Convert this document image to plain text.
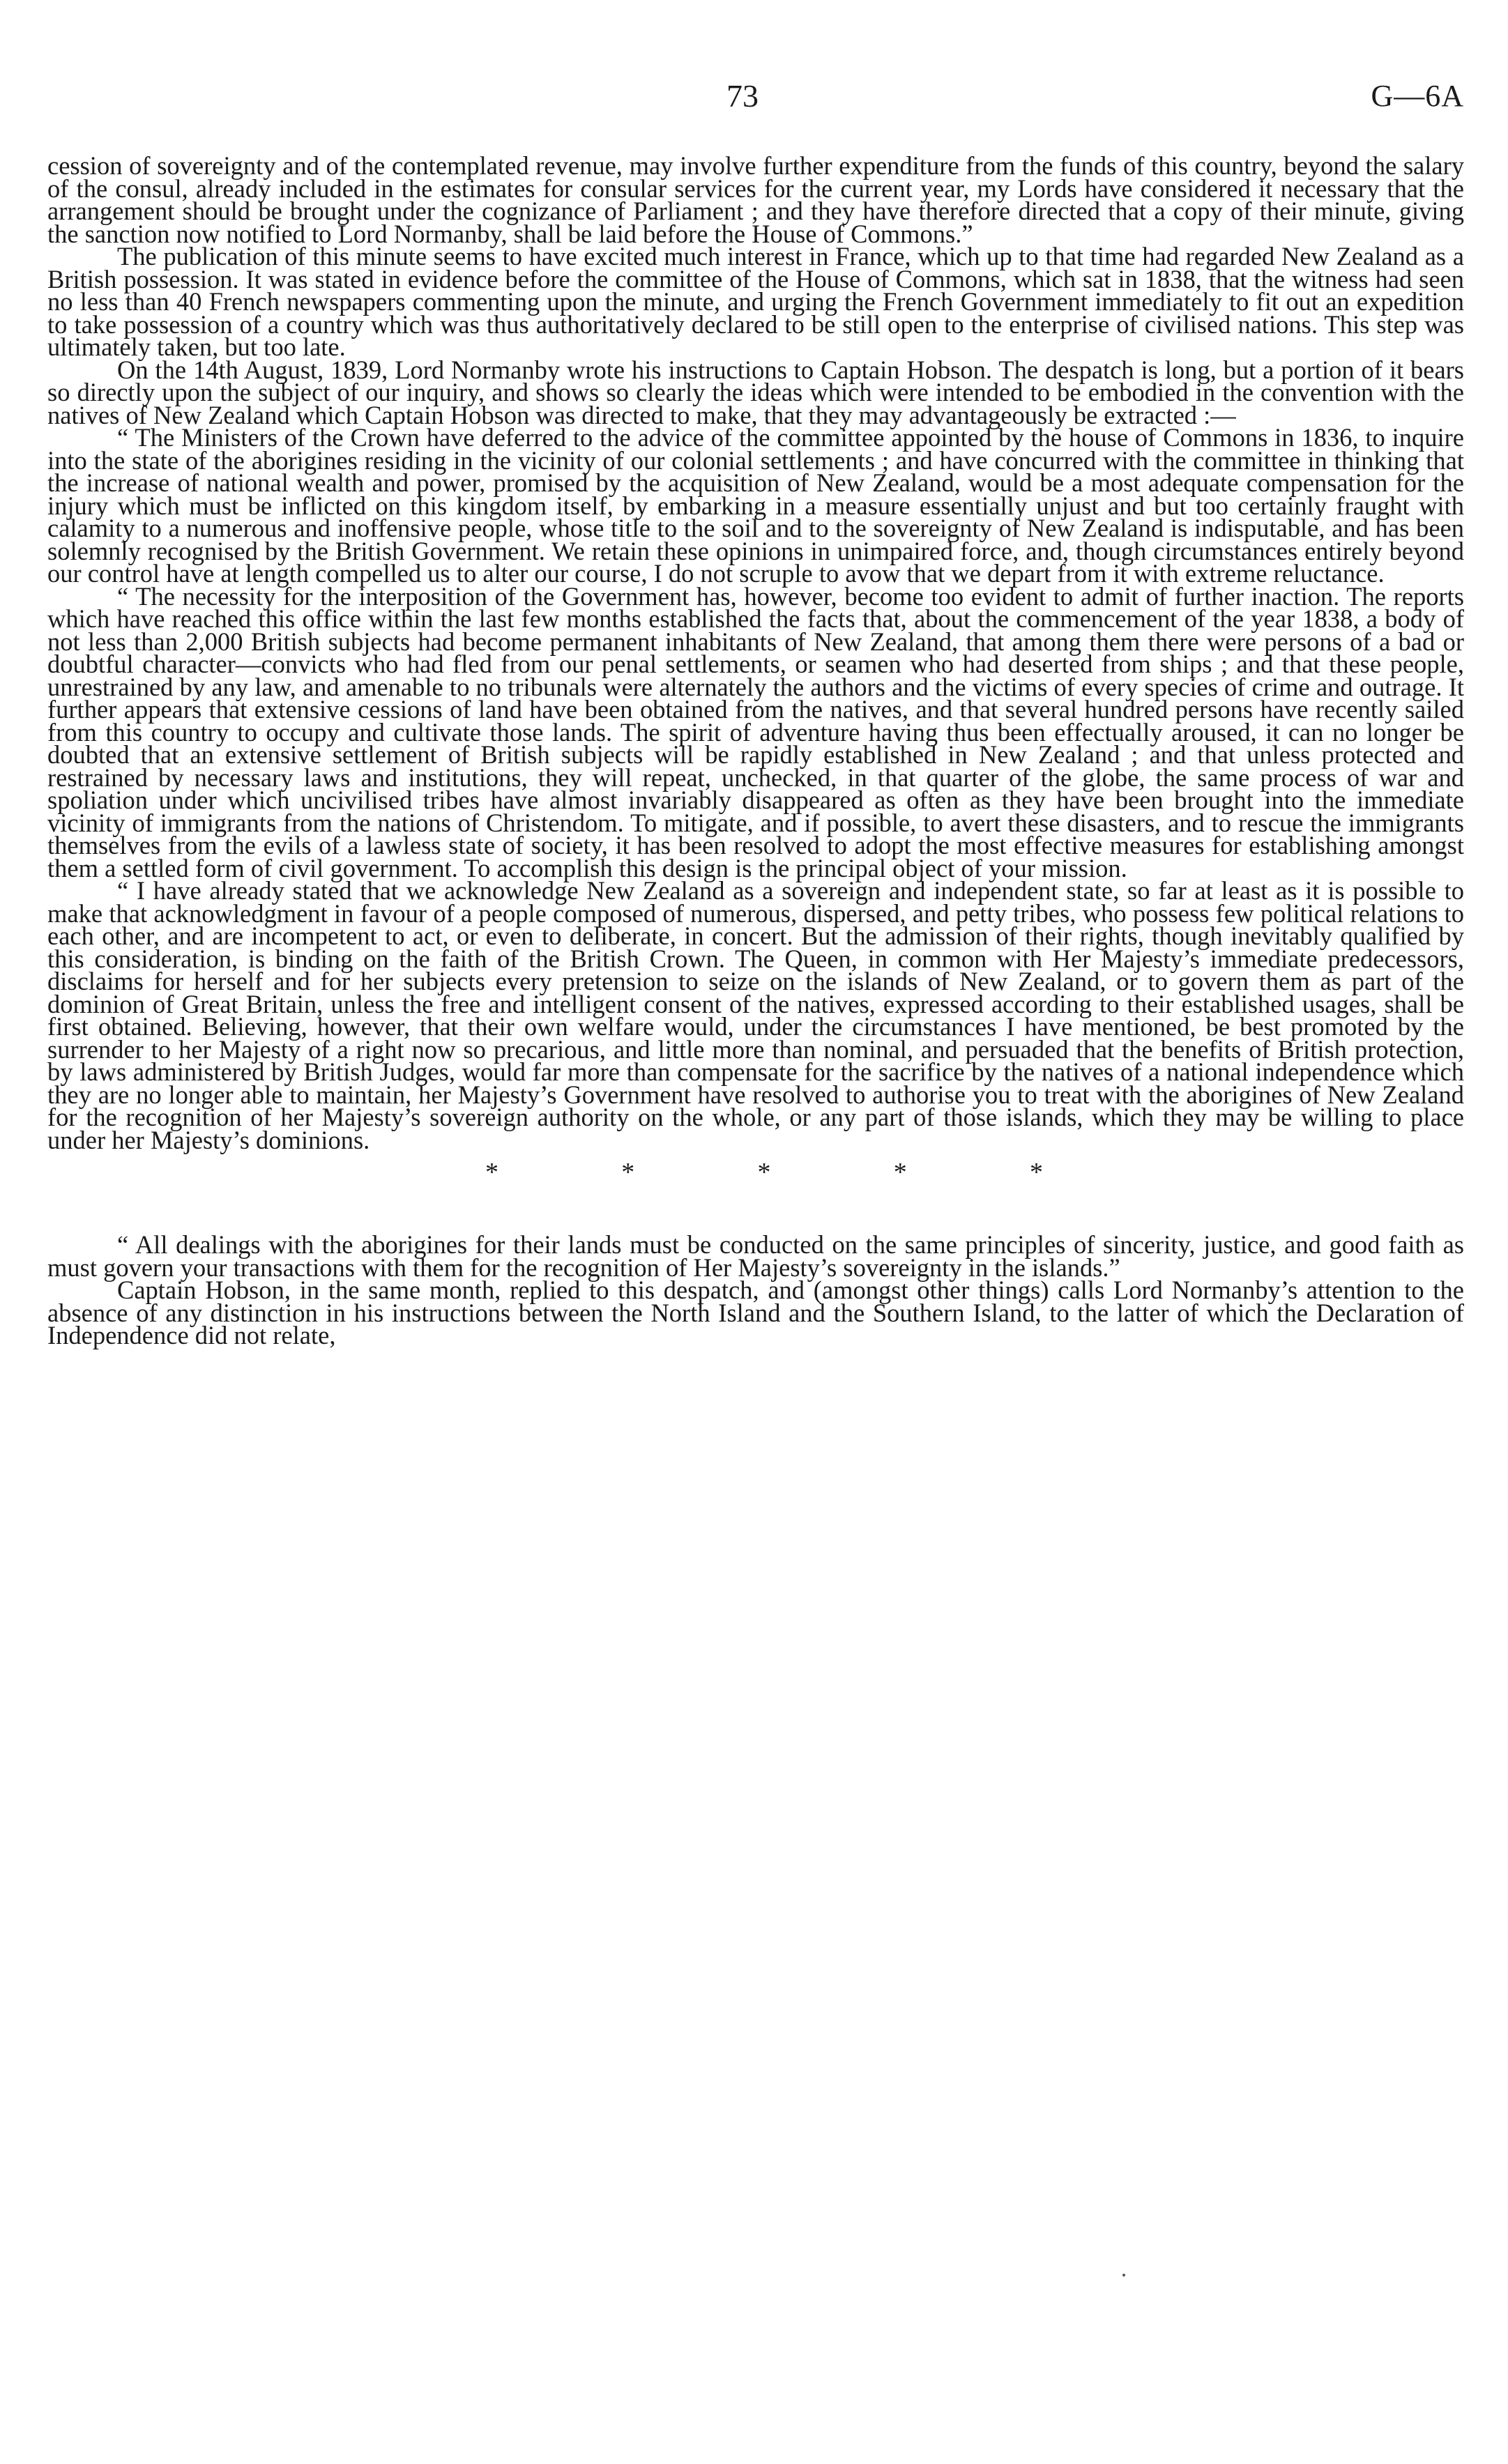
73	G—6A

cession of sovereignty and of the contemplated revenue, may involve further expenditure from the funds of this country, beyond the salary of the consul, already included in the estimates for consular services for the current year, my Lords have considered it necessary that the arrangement should be brought under the cognizance of Parliament ; and they have therefore directed that a copy of their minute, giving the sanction now notified to Lord Normanby, shall be laid before the House of Commons.”

The publication of this minute seems to have excited much interest in France, which up to that time had regarded New Zealand as a British possession. It was stated in evidence before the committee of the House of Commons, which sat in 1838, that the witness had seen no less than 40 French newspapers commenting upon the minute, and urging the French Government immediately to fit out an expedition to take possession of a country which was thus authoritatively declared to be still open to the enterprise of civilised nations. This step was ultimately taken, but too late.

On the 14th August, 1839, Lord Normanby wrote his instructions to Captain Hobson. The despatch is long, but a portion of it bears so directly upon the subject of our inquiry, and shows so clearly the ideas which were intended to be embodied in the convention with the natives of New Zealand which Captain Hobson was directed to make, that they may advantageously be extracted :—

“ The Ministers of the Crown have deferred to the advice of the committee appointed by the house of Commons in 1836, to inquire into the state of the aborigines residing in the vicinity of our colonial settlements ; and have concurred with the committee in thinking that the increase of national wealth and power, promised by the acquisition of New Zealand, would be a most adequate compensation for the injury which must be inflicted on this kingdom itself, by embarking in a measure essentially unjust and but too certainly fraught with calamity to a numerous and inoffensive people, whose title to the soil and to the sovereignty of New Zealand is indisputable, and has been solemnly recognised by the British Government. We retain these opinions in unimpaired force, and, though circumstances entirely beyond our control have at length compelled us to alter our course, I do not scruple to avow that we depart from it with extreme reluctance.

“ The necessity for the interposition of the Government has, however, become too evident to admit of further inaction. The reports which have reached this office within the last few months established the facts that, about the commencement of the year 1838, a body of not less than 2,000 British subjects had become permanent inhabitants of New Zealand, that among them there were persons of a bad or doubtful character—convicts who had fled from our penal settlements, or seamen who had deserted from ships ; and that these people, unrestrained by any law, and amenable to no tribunals were alternately the authors and the victims of every species of crime and outrage. It further appears that extensive cessions of land have been obtained from the natives, and that several hundred persons have recently sailed from this country to occupy and cultivate those lands. The spirit of adventure having thus been effectually aroused, it can no longer be doubted that an extensive settlement of British subjects will be rapidly established in New Zealand ; and that unless protected and restrained by necessary laws and institutions, they will repeat, unchecked, in that quarter of the globe, the same process of war and spoliation under which uncivilised tribes have almost invariably disappeared as often as they have been brought into the immediate vicinity of immigrants from the nations of Christendom. To mitigate, and if possible, to avert these disasters, and to rescue the immigrants themselves from the evils of a lawless state of society, it has been resolved to adopt the most effective measures for establishing amongst them a settled form of civil government. To accomplish this design is the principal object of your mission.

“ I have already stated that we acknowledge New Zealand as a sovereign and independent state, so far at least as it is possible to make that acknowledgment in favour of a people composed of numerous, dispersed, and petty tribes, who possess few political relations to each other, and are incompetent to act, or even to deliberate, in concert. But the admission of their rights, though inevitably qualified by this consideration, is binding on the faith of the British Crown. The Queen, in common with Her Majesty’s immediate predecessors, disclaims for herself and for her subjects every pretension to seize on the islands of New Zealand, or to govern them as part of the dominion of Great Britain, unless the free and intelligent consent of the natives, expressed according to their established usages, shall be first obtained. Believing, however, that their own welfare would, under the circumstances I have mentioned, be best promoted by the surrender to her Majesty of a right now so precarious, and little more than nominal, and persuaded that the benefits of British protection, by laws administered by British Judges, would far more than compensate for the sacrifice by the natives of a national independence which they are no longer able to maintain, her Majesty’s Government have resolved to authorise you to treat with the aborigines of New Zealand for the recognition of her Majesty’s sovereign authority on the whole, or any part of those islands, which they may be willing to place under her Majesty’s dominions.

*	*	*	*	*

“ All dealings with the aborigines for their lands must be conducted on the same principles of sincerity, justice, and good faith as must govern your transactions with them for the recognition of Her Majesty’s sovereignty in the islands.”

Captain Hobson, in the same month, replied to this despatch, and (amongst other things) calls Lord Normanby’s attention to the absence of any distinction in his instructions between the North Island and the Southern Island, to the latter of which the Declaration of Independence did not relate,
